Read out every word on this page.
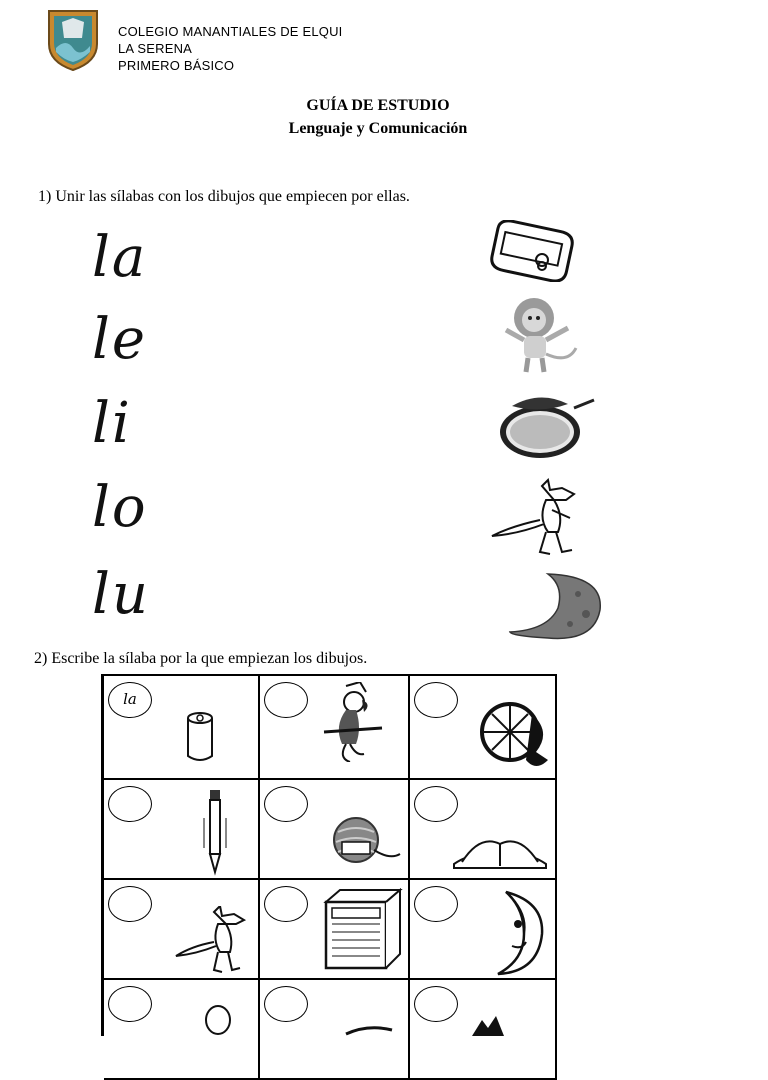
COLEGIO MANANTIALES DE ELQUI
LA SERENA
PRIMERO BÁSICO
GUÍA DE ESTUDIO
Lenguaje y Comunicación
1) Unir las sílabas con los dibujos que empiecen por ellas.
la
le
li
lo
lu
2) Escribe la sílaba por la que empiezan los dibujos.
la
